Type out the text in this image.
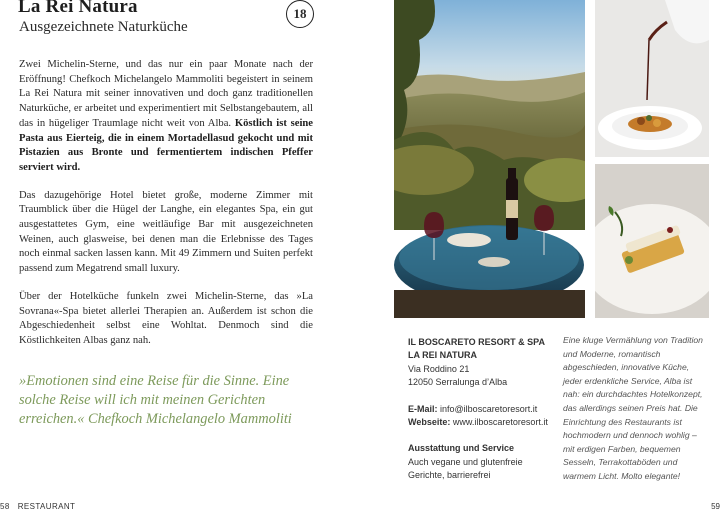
La Rei Natura
Ausgezeichnete Naturküche
18

Zwei Michelin-Sterne, und das nur ein paar Monate nach der Eröffnung! Chefkoch Michelangelo Mammoliti begeistert in seinem La Rei Natura mit seiner innovativen und doch ganz traditionellen Naturküche, er arbeitet und experimentiert mit Selbstangebautem, all das in hügeliger Traumlage nicht weit von Alba. Köstlich ist seine Pasta aus Eierteig, die in einem Mortadellasud gekocht und mit Pistazien aus Bronte und fermentiertem indischen Pfeffer serviert wird.

Das dazugehörige Hotel bietet große, moderne Zimmer mit Traumblick über die Hügel der Langhe, ein elegantes Spa, ein gut ausgestattetes Gym, eine weitläufige Bar mit ausgezeichneten Weinen, auch glasweise, bei denen man die Erlebnisse des Tages noch einmal sacken lassen kann. Mit 49 Zimmern und Suiten perfekt passend zum Megatrend small luxury.

Über der Hotelküche funkeln zwei Michelin-Sterne, das »La Sovrana«-Spa bietet allerlei Therapien an. Außerdem ist schon die Abgeschiedenheit selbst eine Wohltat. Denmoch sind die Köstlichkeiten Albas ganz nah.

»Emotionen sind eine Reise für die Sinne. Eine solche Reise will ich mit meinen Gerichten erreichen.« Chefkoch Michelangelo Mammoliti
58 RESTAURANT
IL BOSCARETO RESORT & SPA
LA REI NATURA
Via Roddino 21
12050 Serralunga d’Alba
E-Mail: info@ilboscaretoresort.it
Webseite: www.ilboscaretoresort.it
Ausstattung und Service
Auch vegane und glutenfreie
Gerichte, barrierefrei
Eine kluge Vermählung von Tradition und Moderne, romantisch abgeschieden, innovative Küche, jeder erdenkliche Service, Alba ist nah: ein durchdachtes Hotelkonzept, das allerdings seinen Preis hat. Die Einrichtung des Restaurants ist hochmodern und dennoch wohlig – mit erdigen Farben, bequemen Sesseln, Terrakottaböden und warmem Licht. Molto elegante!
59
